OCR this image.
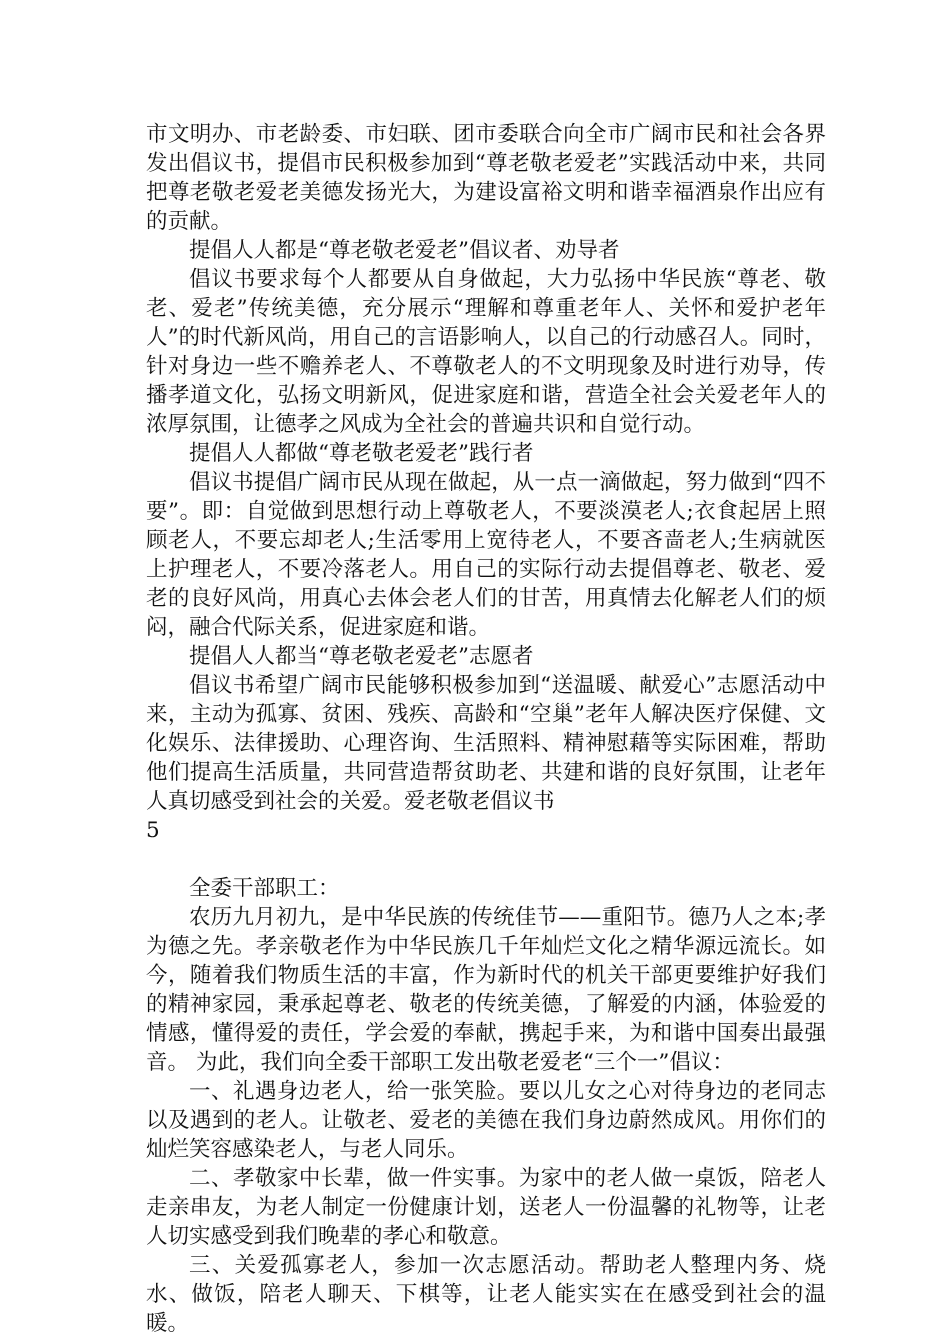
市文明办、市老龄委、市妇联、团市委联合向全市广阔市民和社会各界发出倡议书，提倡市民积极参加到“尊老敬老爱老”实践活动中来，共同把尊老敬老爱老美德发扬光大，为建设富裕文明和谐幸福酒泉作出应有的贡献。

提倡人人都是“尊老敬老爱老”倡议者、劝导者

倡议书要求每个人都要从自身做起，大力弘扬中华民族“尊老、敬老、爱老”传统美德，充分展示“理解和尊重老年人、关怀和爱护老年人”的时代新风尚，用自己的言语影响人，以自己的行动感召人。同时，针对身边一些不赡养老人、不尊敬老人的不文明现象及时进行劝导，传播孝道文化，弘扬文明新风，促进家庭和谐，营造全社会关爱老年人的浓厚氛围，让德孝之风成为全社会的普遍共识和自觉行动。

提倡人人都做“尊老敬老爱老”践行者

倡议书提倡广阔市民从现在做起，从一点一滴做起，努力做到“四不要”。即：自觉做到思想行动上尊敬老人，不要淡漠老人;衣食起居上照顾老人，不要忘却老人;生活零用上宽待老人，不要吝啬老人;生病就医上护理老人，不要冷落老人。用自己的实际行动去提倡尊老、敬老、爱老的良好风尚，用真心去体会老人们的甘苦，用真情去化解老人们的烦闷，融合代际关系，促进家庭和谐。

提倡人人都当“尊老敬老爱老”志愿者

倡议书希望广阔市民能够积极参加到“送温暖、献爱心”志愿活动中来，主动为孤寡、贫困、残疾、高龄和“空巢”老年人解决医疗保健、文化娱乐、法律援助、心理咨询、生活照料、精神慰藉等实际困难，帮助他们提高生活质量，共同营造帮贫助老、共建和谐的良好氛围，让老年人真切感受到社会的关爱。爱老敬老倡议书

5

全委干部职工：

农历九月初九，是中华民族的传统佳节——重阳节。德乃人之本;孝为德之先。孝亲敬老作为中华民族几千年灿烂文化之精华源远流长。如今，随着我们物质生活的丰富，作为新时代的机关干部更要维护好我们的精神家园，秉承起尊老、敬老的传统美德，了解爱的内涵，体验爱的情感，懂得爱的责任，学会爱的奉献，携起手来，为和谐中国奏出最强音。 为此，我们向全委干部职工发出敬老爱老“三个一”倡议：

一、礼遇身边老人，给一张笑脸。要以儿女之心对待身边的老同志以及遇到的老人。让敬老、爱老的美德在我们身边蔚然成风。用你们的灿烂笑容感染老人，与老人同乐。

二、孝敬家中长辈，做一件实事。为家中的老人做一桌饭，陪老人走亲串友，为老人制定一份健康计划，送老人一份温馨的礼物等，让老人切实感受到我们晚辈的孝心和敬意。

三、关爱孤寡老人，参加一次志愿活动。帮助老人整理内务、烧水、做饭，陪老人聊天、下棋等，让老人能实实在在感受到社会的温暖。
